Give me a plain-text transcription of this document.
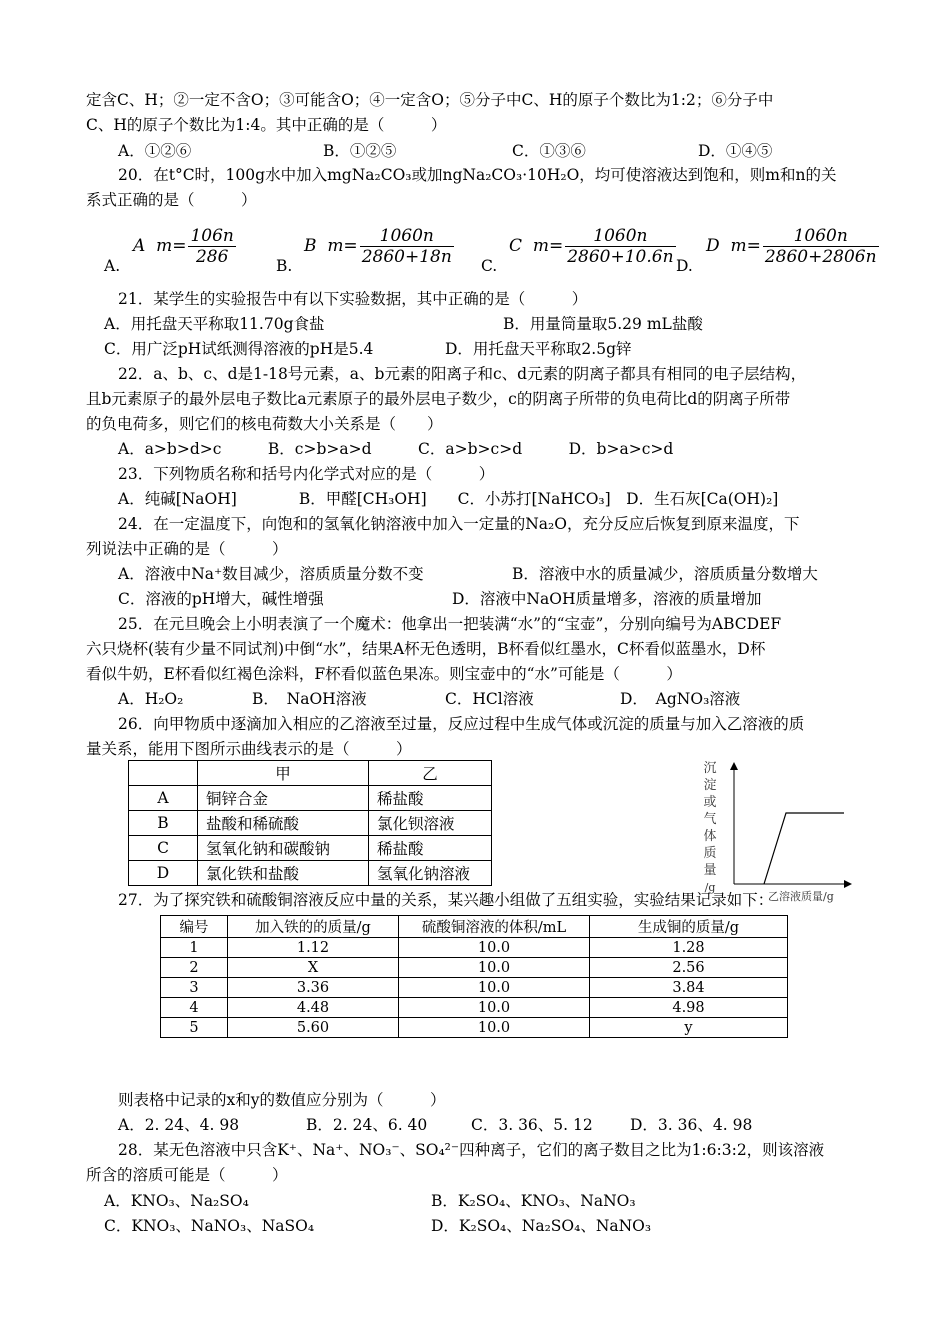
定含C、H；②一定不含O；③可能含O；④一定含O；⑤分子中C、H的原子个数比为1:2；⑥分子中
C、H的原子个数比为1:4。其中正确的是（　　　）
A．①②⑥	B．①②⑤	C．①③⑥	D．①④⑤
20．在t°C时，100g水中加入mgNa₂CO₃或加ngNa₂CO₃·10H₂O，均可使溶液达到饱和，则m和n的关
系式正确的是（　　　）
A.
A $m= \frac{106n}{286}$	B.
B $m= \frac{1060n}{2860+18n} C$.
C $m= \frac{1060n}{2860+10.6n} D$.
D $m= \frac{1060n}{2860+2806n}$
21．某学生的实验报告中有以下实验数据，其中正确的是（　　　）
A．用托盘天平称取11.70g食盐	B．用量筒量取5.29 mL盐酸
C．用广泛pH试纸测得溶液的pH是5.4	D．用托盘天平称取2.5g锌
22．a、b、c、d是1-18号元素，a、b元素的阳离子和c、d元素的阴离子都具有相同的电子层结构，
且b元素原子的最外层电子数比a元素原子的最外层电子数少，c的阴离子所带的负电荷比d的阴离子所带
的负电荷多，则它们的核电荷数大小关系是（　　）
A．a>b>d>c　　　B．c>b>a>d　　　C．a>b>c>d　　　D．b>a>c>d
23．下列物质名称和括号内化学式对应的是（　　　）
A．纯碱[NaOH]　　　　B．甲醛[CH₃OH]　　C．小苏打[NaHCO₃]　D．生石灰[Ca(OH)₂]
24．在一定温度下，向饱和的氢氧化钠溶液中加入一定量的Na₂O，充分反应后恢复到原来温度，下
列说法中正确的是（　　　）
A．溶液中Na⁺数目减少，溶质质量分数不变	B．溶液中水的质量减少，溶质质量分数增大
C．溶液的pH增大，碱性增强	D．溶液中NaOH质量增多，溶液的质量增加
25．在元旦晚会上小明表演了一个魔术：他拿出一把装满“水”的“宝壶”，分别向编号为ABCDEF
六只烧杯(装有少量不同试剂)中倒“水”，结果A杯无色透明，B杯看似红墨水，C杯看似蓝墨水，D杯
看似牛奶，E杯看似红褐色涂料，F杯看似蓝色果冻。则宝壶中的“水”可能是（　　　）
A．H₂O₂	B．　NaOH溶液	C．HCl溶液	D．　AgNO₃溶液
26．向甲物质中逐滴加入相应的乙溶液至过量，反应过程中生成气体或沉淀的质量与加入乙溶液的质
量关系，能用下图所示曲线表示的是（　　　）
	甲	乙
A	铜锌合金	稀盐酸
B	盐酸和稀硫酸	氯化钡溶液
C	氢氧化钠和碳酸钠	稀盐酸
D	氯化铁和盐酸	氢氧化钠溶液
沉
淀
或
气
体
质
量
/g
乙溶液质量/g
27．为了探究铁和硫酸铜溶液反应中量的关系，某兴趣小组做了五组实验，实验结果记录如下：
编号	加入铁的的质量/g	硫酸铜溶液的体积/mL	生成铜的质量/g
1	1.12	10.0	1.28
2	X	10.0	2.56
3	3.36	10.0	3.84
4	4.48	10.0	4.98
5	5.60	10.0	y
则表格中记录的x和y的数值应分别为（　　　）
A．2. 24、4. 98	B．2. 24、6. 40	C．3. 36、5. 12 D．3. 36、4. 98
28．某无色溶液中只含K⁺、Na⁺、NO₃⁻、SO₄²⁻四种离子，它们的离子数目之比为1:6:3:2，则该溶液
所含的溶质可能是（　　　）
A．KNO₃、Na₂SO₄	B．K₂SO₄、KNO₃、NaNO₃
C．KNO₃、NaNO₃、NaSO₄	D．K₂SO₄、Na₂SO₄、NaNO₃
